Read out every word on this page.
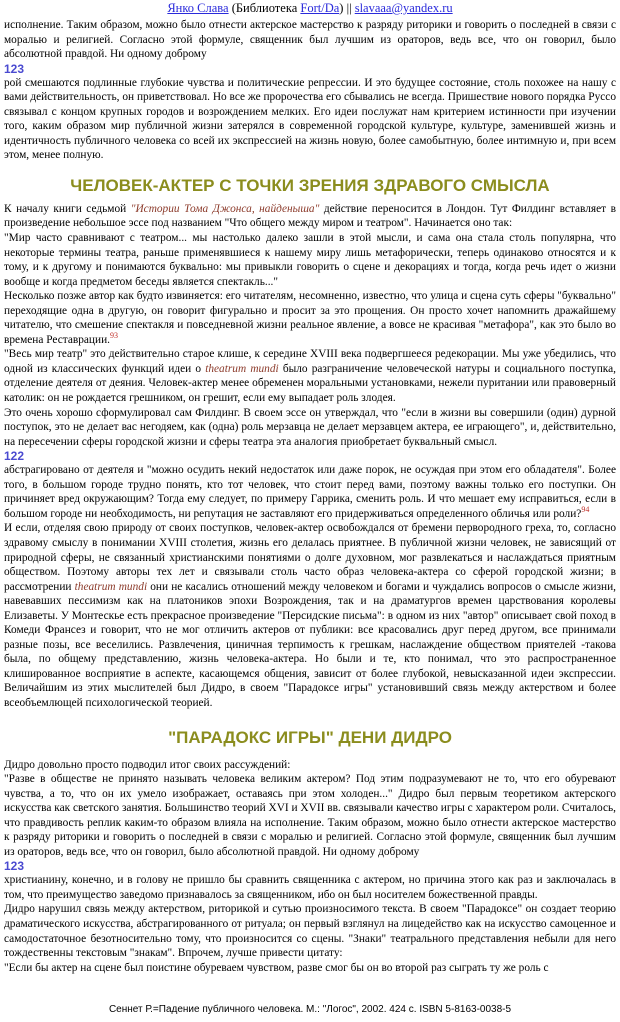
Янко Слава (Библиотека Fort/Da) || slavaaa@yandex.ru

исполнение. Таким образом, можно было отнести актерское мастерство к разряду риторики и говорить о последней в связи с моралью и религией. Согласно этой формуле, священник был лучшим из ораторов, ведь все, что он говорил, было абсолютной правдой. Ни одному доброму

123

рой смешаются подлинные глубокие чувства и политические репрессии. И это будущее состояние, столь похожее на нашу с вами действительность, он приветствовал. Но все же пророчества его сбывались не всегда. Пришествие нового порядка Руссо связывал с концом крупных городов и возрождением мелких. Его идеи послужат нам критерием истинности при изучении того, каким образом мир публичной жизни затерялся в современной городской культуре, культуре, заменившей жизнь и идентичность публичного человека со всей их экспрессией на жизнь новую, более самобытную, более интимную и, при всем этом, менее полную.

ЧЕЛОВЕК-АКТЕР С ТОЧКИ ЗРЕНИЯ ЗДРАВОГО СМЫСЛА

К началу книги седьмой "Истории Тома Джонса, найденыша" действие переносится в Лондон. Тут Филдинг вставляет в произведение небольшое эссе под названием "Что общего между миром и театром". Начинается оно так:

"Мир часто сравнивают с театром... мы настолько далеко зашли в этой мысли, и сама она стала столь популярна, что некоторые термины театра, раньше применявшиеся к нашему миру лишь метафорически, теперь одинаково относятся и к тому, и к другому и понимаются буквально: мы привыкли говорить о сцене и декорациях и тогда, когда речь идет о жизни вообще и когда предметом беседы является спектакль..."

Несколько позже автор как будто извиняется: его читателям, несомненно, известно, что улица и сцена суть сферы "буквально" переходящие одна в другую, он говорит фигурально и просит за это прощения. Он просто хочет напомнить дражайшему читателю, что смешение спектакля и повседневной жизни реальное явление, а вовсе не красивая "метафора", как это было во времена Реставрации.$^{93}$

"Весь мир театр" это действительно старое клише, к середине XVIII века подвергшееся редекорации. Мы уже убедились, что одной из классических функций идеи о theatrum mundi было разграничение человеческой натуры и социального поступка, отделение деятеля от деяния. Человек-актер менее обременен моральными установками, нежели пуритании или правоверный католик: он не рождается грешником, он грешит, если ему выпадает роль злодея.

Это очень хорошо сформулировал сам Филдинг. В своем эссе он утверждал, что "если в жизни вы совершили (один) дурной поступок, это не делает вас негодяем, как (одна) роль мерзавца не делает мерзавцем актера, ее играющего", и, действительно, на пересечении сферы городской жизни и сферы театра эта аналогия приобретает буквальный смысл.

122

абстрагировано от деятеля и "можно осудить некий недостаток или даже порок, не осуждая при этом его обладателя". Более того, в большом городе трудно понять, кто тот человек, что стоит перед вами, поэтому важны только его поступки. Он причиняет вред окружающим? Тогда ему следует, по примеру Гаррика, сменить роль. И что мешает ему исправиться, если в большом городе ни необходимость, ни репутация не заставляют его придерживаться определенного обличья или роли?$^{94}$

И если, отделяя свою природу от своих поступков, человек-актер освобождался от бремени первородного греха, то, согласно здравому смыслу в понимании XVIII столетия, жизнь его делалась приятнее. В публичной жизни человек, не зависящий от природной сферы, не связанный христианскими понятиями о долге духовном, мог развлекаться и наслаждаться приятным обществом. Поэтому авторы тех лет и связывали столь часто образ человека-актера со сферой городской жизни; в рассмотрении theatrum mundi они не касались отношений между человеком и богами и чуждались вопросов о смысле жизни, навевавших пессимизм как на платоников эпохи Возрождения, так и на драматургов времен царствования королевы Елизаветы. У Монтескье есть прекрасное произведение "Персидские письма": в одном из них "автор" описывает свой поход в Комеди Франсез и говорит, что не мог отличить актеров от публики: все красовались друг перед другом, все принимали разные позы, все веселились. Развлечения, циничная терпимость к грешкам, наслаждение обществом приятелей -такова была, по общему представлению, жизнь человека-актера. Но были и те, кто понимал, что это распространенное клишированное восприятие в аспекте, касающемся общения, зависит от более глубокой, невысказанной идеи экспрессии. Величайшим из этих мыслителей был Дидро, в своем "Парадоксе игры" установивший связь между актерством и более всеобъемлющей психологической теорией.

"ПАРАДОКС ИГРЫ" ДЕНИ ДИДРО

Дидро довольно просто подводил итог своих рассуждений:

"Разве в обществе не принято называть человека великим актером? Под этим подразумевают не то, что его обуревают чувства, а то, что он их умело изображает, оставаясь при этом холоден..." Дидро был первым теоретиком актерского искусства как светского занятия. Большинство теорий XVI и XVII вв. связывали качество игры с характером роли. Считалось, что правдивость реплик каким-то образом влияла на исполнение. Таким образом, можно было отнести актерское мастерство к разряду риторики и говорить о последней в связи с моралью и религией. Согласно этой формуле, священник был лучшим из ораторов, ведь все, что он говорил, было абсолютной правдой. Ни одному доброму

123

христианину, конечно, и в голову не пришло бы сравнить священника с актером, но причина этого как раз и заключалась в том, что преимущество заведомо признавалось за священником, ибо он был носителем божественной правды.

Дидро нарушил связь между актерством, риторикой и сутью произносимого текста. В своем "Парадоксе" он создает теорию драматического искусства, абстрагированного от ритуала; он первый взглянул на лицедейство как на искусство самоценное и самодостаточное безотносительно тому, что произносится со сцены. "Знаки" театрального представления небыли для него тождественны текстовым "знакам". Впрочем, лучше привести цитату:

"Если бы актер на сцене был поистине обуреваем чувством, разве смог бы он во второй раз сыграть ту же роль с

Сеннет Р.=Падение публичного человека. М.: "Логос", 2002. 424 с. ISBN 5-8163-0038-5
